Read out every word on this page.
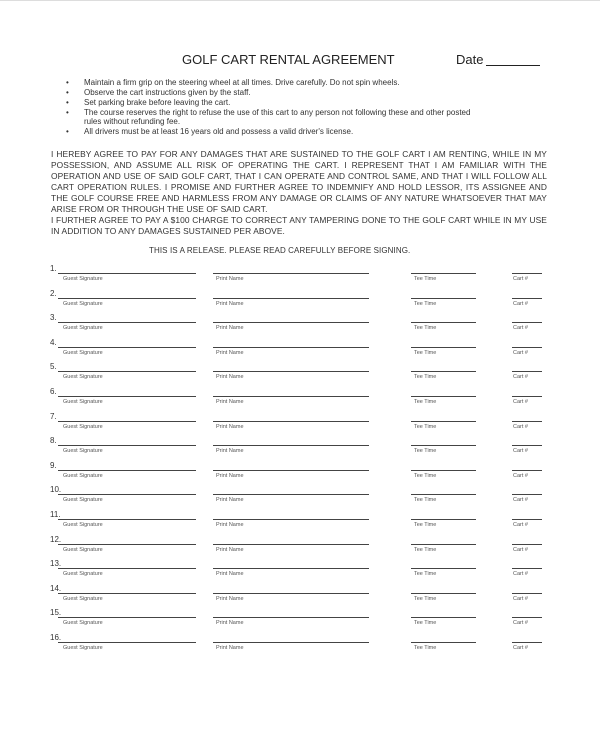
GOLF CART RENTAL AGREEMENT	Date
• Maintain a firm grip on the steering wheel at all times. Drive carefully. Do not spin wheels.
• Observe the cart instructions given by the staff.
• Set parking brake before leaving the cart.
• The course reserves the right to refuse the use of this cart to any person not following these and other posted
rules without refunding fee.
• All drivers must be at least 16 years old and possess a valid driver's license.

I HEREBY AGREE TO PAY FOR ANY DAMAGES THAT ARE SUSTAINED TO THE GOLF CART I AM RENTING, WHILE IN MY POSSESSION, AND ASSUME ALL RISK OF OPERATING THE CART. I REPRESENT THAT I AM FAMILIAR WITH THE OPERATION AND USE OF SAID GOLF CART, THAT I CAN OPERATE AND CONTROL SAME, AND THAT I WILL FOLLOW ALL CART OPERATION RULES. I PROMISE AND FURTHER AGREE TO INDEMNIFY AND HOLD LESSOR, ITS ASSIGNEE AND THE GOLF COURSE FREE AND HARMLESS FROM ANY DAMAGE OR CLAIMS OF ANY NATURE WHATSOEVER THAT MAY ARISE FROM OR THROUGH THE USE OF SAID CART.

I FURTHER AGREE TO PAY A $100 CHARGE TO CORRECT ANY TAMPERING DONE TO THE GOLF CART WHILE IN MY USE IN ADDITION TO ANY DAMAGES SUSTAINED PER ABOVE.

THIS IS A RELEASE. PLEASE READ CAREFULLY BEFORE SIGNING.
1.
Guest Signature	Print Name	Tee Time	Cart #
2.
Guest Signature	Print Name	Tee Time	Cart #
3.
Guest Signature	Print Name	Tee Time	Cart #
4.
Guest Signature	Print Name	Tee Time	Cart #
5.
Guest Signature	Print Name	Tee Time	Cart #
6.
Guest Signature	Print Name	Tee Time	Cart #
7.
Guest Signature	Print Name	Tee Time	Cart #
8.
Guest Signature	Print Name	Tee Time	Cart #
9.
Guest Signature	Print Name	Tee Time	Cart #
10.
Guest Signature	Print Name	Tee Time	Cart #
11.
Guest Signature	Print Name	Tee Time	Cart #
12.
Guest Signature	Print Name	Tee Time	Cart #
13.
Guest Signature	Print Name	Tee Time	Cart #
14.
Guest Signature	Print Name	Tee Time	Cart #
15.
Guest Signature	Print Name	Tee Time	Cart #
16.
Guest Signature	Print Name	Tee Time	Cart #
